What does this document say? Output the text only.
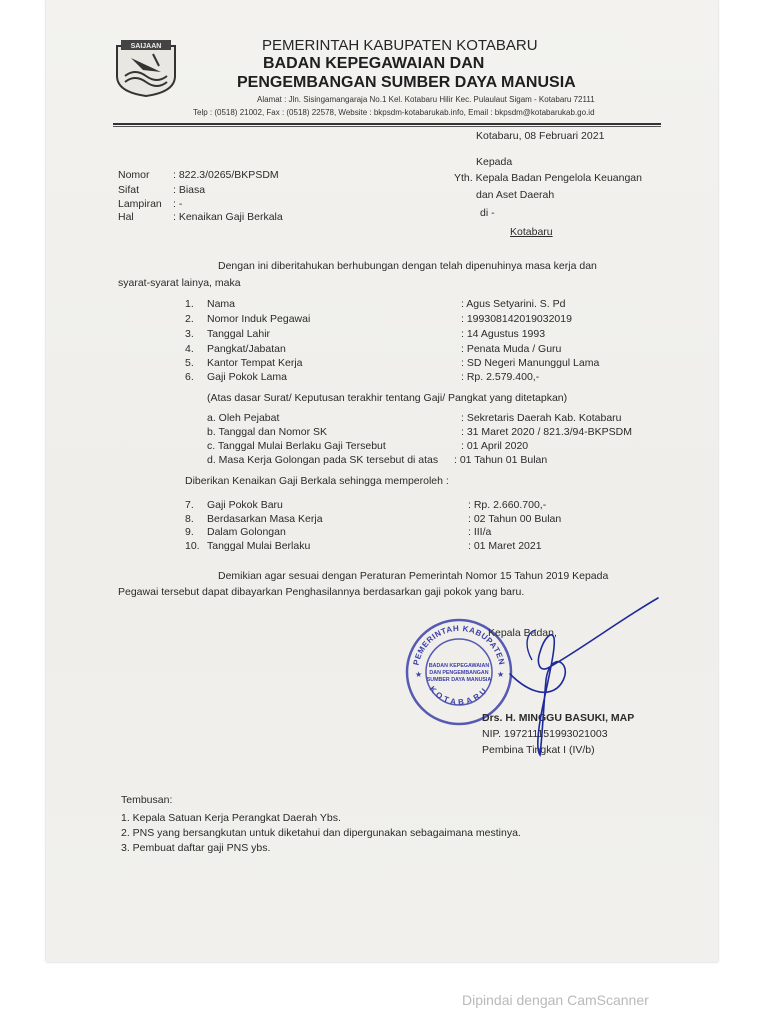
SAIJAAN	PEMERINTAH KABUPATEN KOTABARU
BADAN KEPEGAWAIAN DAN
PENGEMBANGAN SUMBER DAYA MANUSIA
Alamat : Jln. Sisingamangaraja No.1 Kel. Kotabaru Hilir Kec. Pulaulaut Sigam - Kotabaru 72111
Telp : (0518) 21002, Fax : (0518) 22578, Website : bkpsdm-kotabarukab.info, Email : bkpsdm@kotabarukab.go.id
Kotabaru, 08 Februari 2021
Kepada
Yth. Kepala Badan Pengelola Keuangan
dan Aset Daerah
di -
Kotabaru
Nomor : 822.3/0265/BKPSDM
Sifat	: Biasa
Lampiran : -
Hal	: Kenaikan Gaji Berkala
Dengan ini diberitahukan berhubungan dengan telah dipenuhinya masa kerja dan
syarat-syarat lainya, maka
1. Nama	: Agus Setyarini. S. Pd
2. Nomor Induk Pegawai	: 199308142019032019
3. Tanggal Lahir	: 14 Agustus 1993
4. Pangkat/Jabatan	: Penata Muda / Guru
5. Kantor Tempat Kerja	: SD Negeri Manunggul Lama
6. Gaji Pokok Lama	: Rp. 2.579.400,-
(Atas dasar Surat/ Keputusan terakhir tentang Gaji/ Pangkat yang ditetapkan)
a. Oleh Pejabat	: Sekretaris Daerah Kab. Kotabaru
b. Tanggal dan Nomor SK	: 31 Maret 2020 / 821.3/94-BKPSDM
c. Tanggal Mulai Berlaku Gaji Tersebut	: 01 April 2020
d. Masa Kerja Golongan pada SK tersebut di atas : 01 Tahun 01 Bulan
Diberikan Kenaikan Gaji Berkala sehingga memperoleh :
7. Gaji Pokok Baru	: Rp. 2.660.700,-
8. Berdasarkan Masa Kerja	: 02 Tahun 00 Bulan
9. Dalam Golongan	: III/a
10. Tanggal Mulai Berlaku	: 01 Maret 2021
Demikian agar sesuai dengan Peraturan Pemerintah Nomor 15 Tahun 2019 Kepada
Pegawai tersebut dapat dibayarkan Penghasilannya berdasarkan gaji pokok yang baru.
PEMERINTAH KABUPATEN
KOTABARU
BADAN KEPEGAWAIAN
DAN PENGEMBANGAN
SUMBER DAYA MANUSIA
★	★
Kepala Badan,
Drs. H. MINGGU BASUKI, MAP
NIP. 197211151993021003
Pembina Tingkat I (IV/b)
Tembusan:
1. Kepala Satuan Kerja Perangkat Daerah Ybs.
2. PNS yang bersangkutan untuk diketahui dan dipergunakan sebagaimana mestinya.
3. Pembuat daftar gaji PNS ybs.
Dipindai dengan CamScanner
